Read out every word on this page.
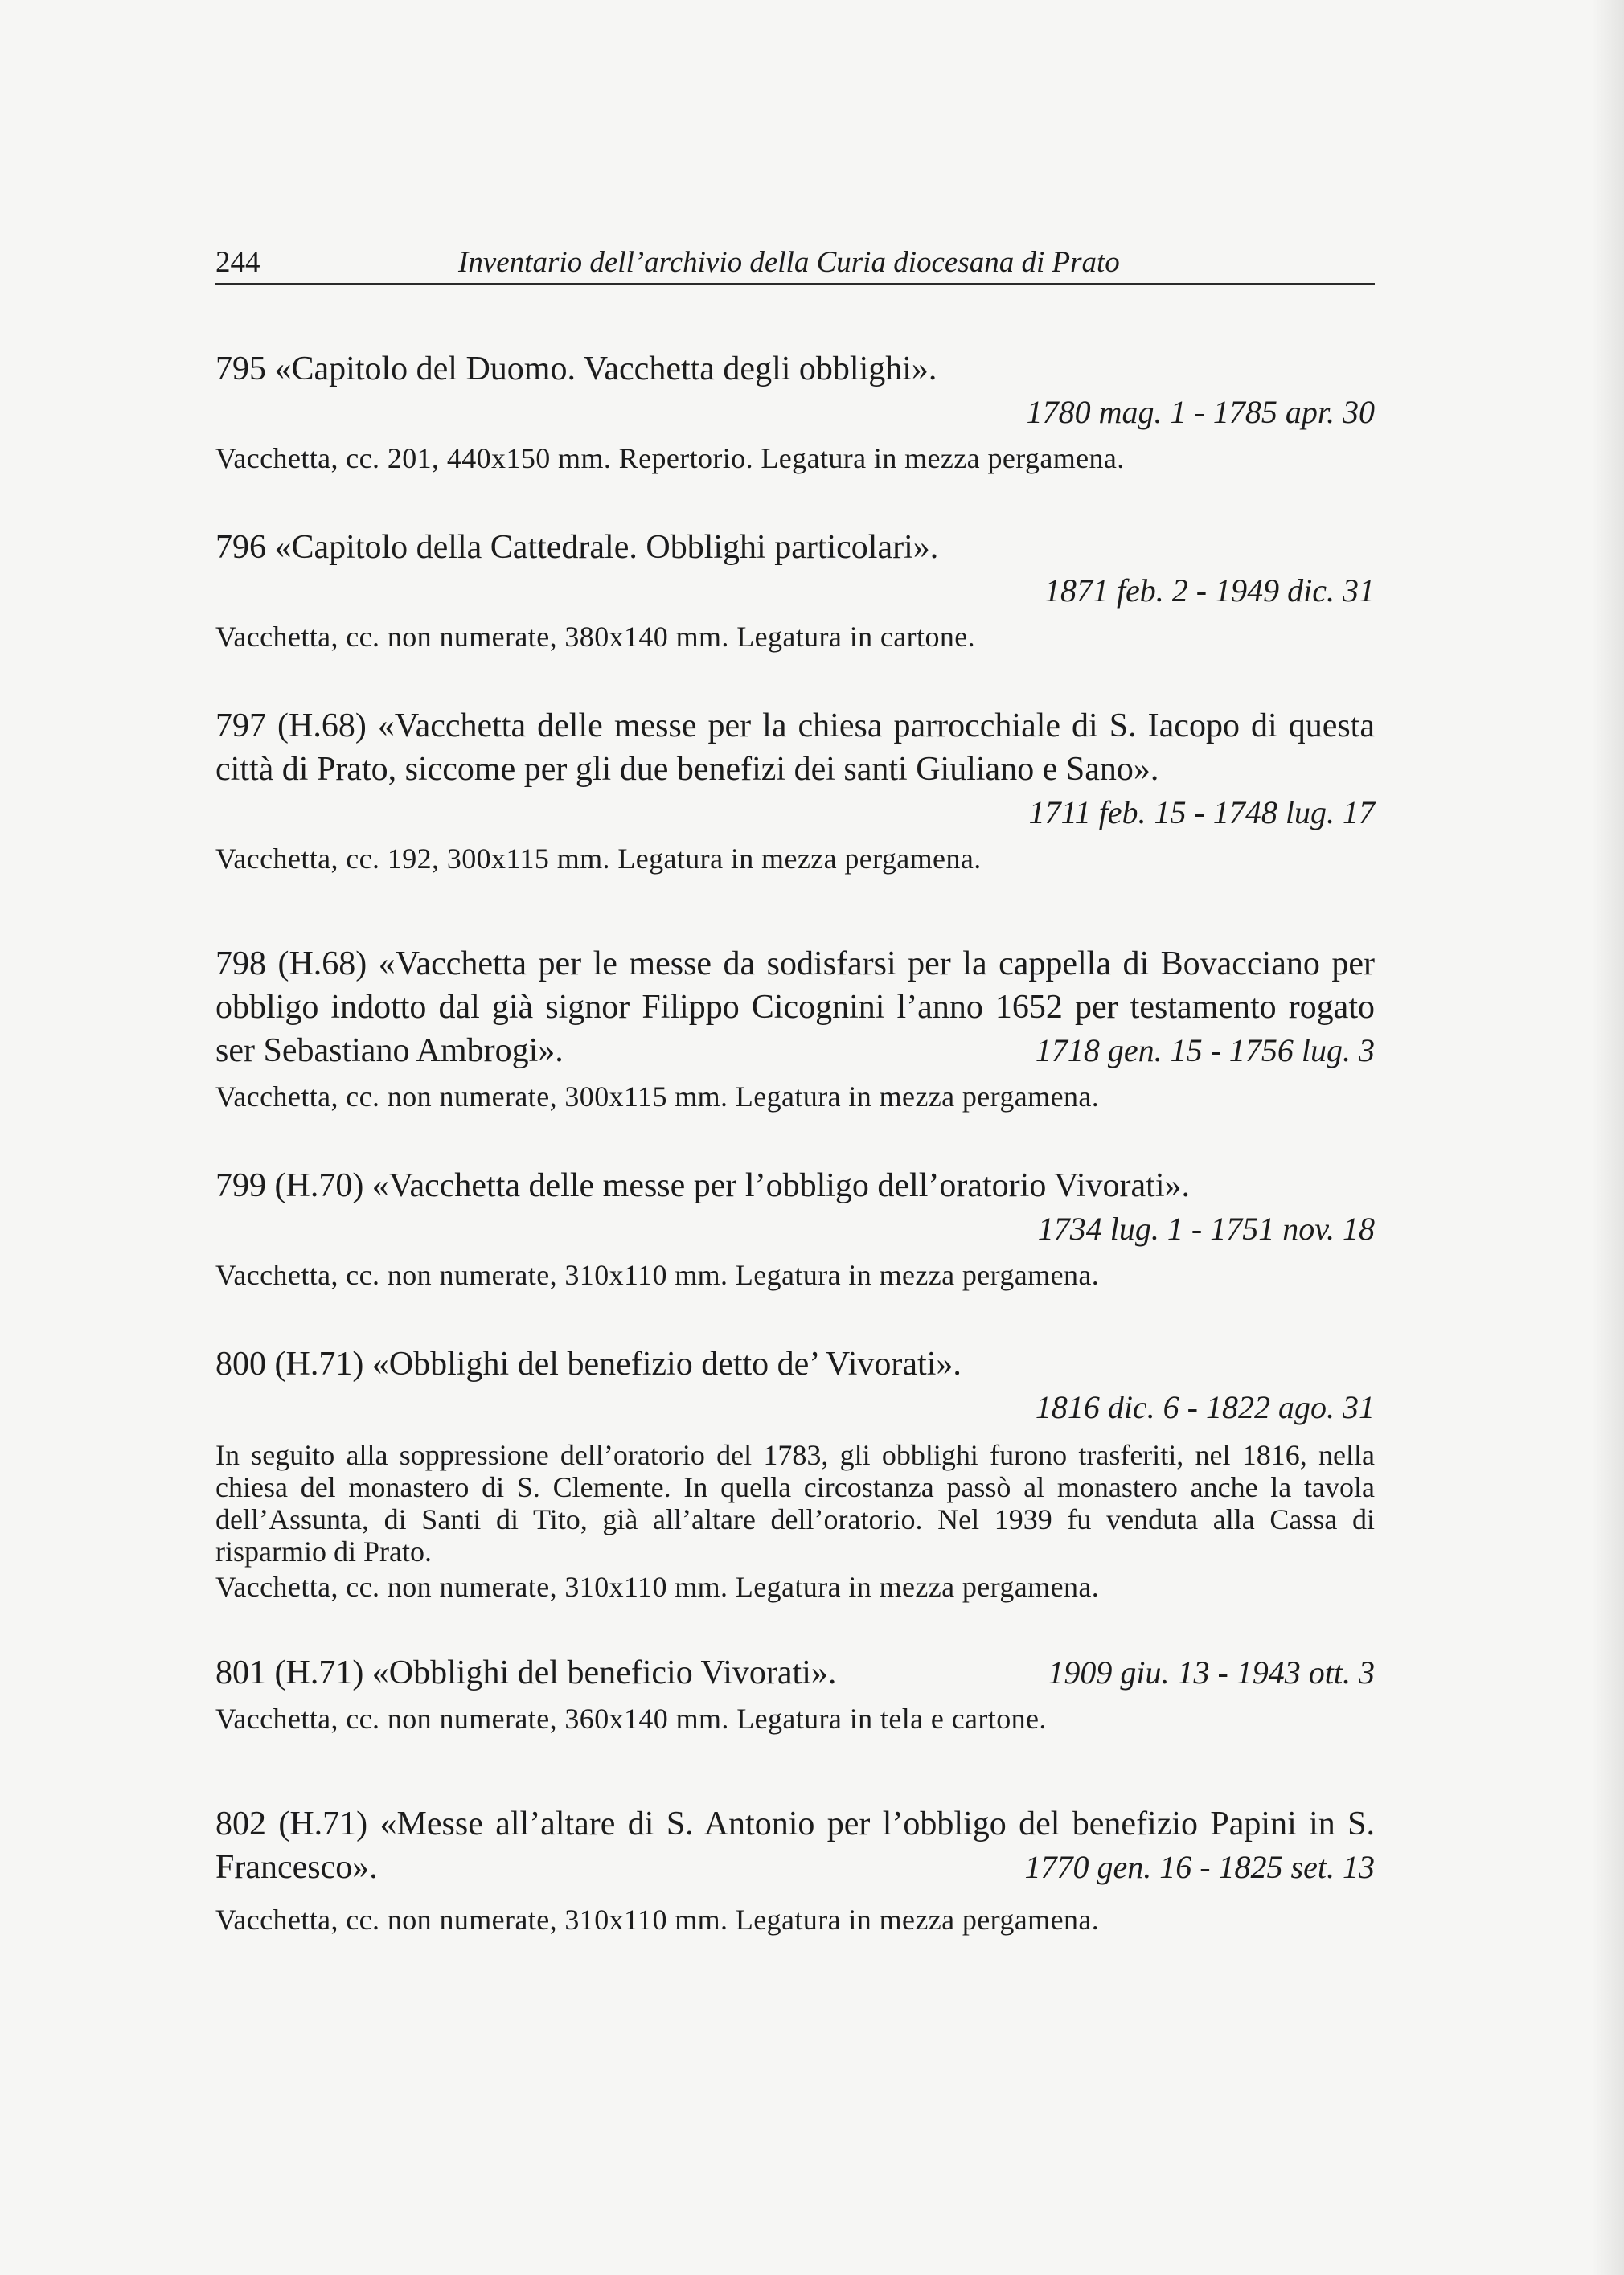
244	Inventario dell’archivio della Curia diocesana di Prato
795 «Capitolo del Duomo. Vacchetta degli obblighi».
1780 mag. 1 - 1785 apr. 30
Vacchetta, cc. 201, 440x150 mm. Repertorio. Legatura in mezza pergamena.
796 «Capitolo della Cattedrale. Obblighi particolari».
1871 feb. 2 - 1949 dic. 31
Vacchetta, cc. non numerate, 380x140 mm. Legatura in cartone.
797 (H.68) «Vacchetta delle messe per la chiesa parrocchiale di S. Iacopo di questa città di Prato, siccome per gli due benefizi dei santi Giuliano e Sano».
1711 feb. 15 - 1748 lug. 17
Vacchetta, cc. 192, 300x115 mm. Legatura in mezza pergamena.
1718 gen. 15 - 1756 lug. 3
798 (H.68) «Vacchetta per le messe da sodisfarsi per la cappella di Bovacciano per obbligo indotto dal già signor Filippo Cicognini l’anno 1652 per testamento rogato ser Sebastiano Ambrogi».
Vacchetta, cc. non numerate, 300x115 mm. Legatura in mezza pergamena.
799 (H.70) «Vacchetta delle messe per l’obbligo dell’oratorio Vivorati».
1734 lug. 1 - 1751 nov. 18
Vacchetta, cc. non numerate, 310x110 mm. Legatura in mezza pergamena.
800 (H.71) «Obblighi del benefizio detto de’ Vivorati».
1816 dic. 6 - 1822 ago. 31
In seguito alla soppressione dell’oratorio del 1783, gli obblighi furono trasferiti, nel 1816, nella chiesa del monastero di S. Clemente. In quella circostanza passò al monastero anche la tavola dell’Assunta, di Santi di Tito, già all’altare dell’oratorio. Nel 1939 fu venduta alla Cassa di risparmio di Prato.
Vacchetta, cc. non numerate, 310x110 mm. Legatura in mezza pergamena.
801 (H.71) «Obblighi del beneficio Vivorati».	1909 giu. 13 - 1943 ott. 3
Vacchetta, cc. non numerate, 360x140 mm. Legatura in tela e cartone.
1770 gen. 16 - 1825 set. 13
802 (H.71) «Messe all’altare di S. Antonio per l’obbligo del benefizio Papini in S. Francesco».
Vacchetta, cc. non numerate, 310x110 mm. Legatura in mezza pergamena.
